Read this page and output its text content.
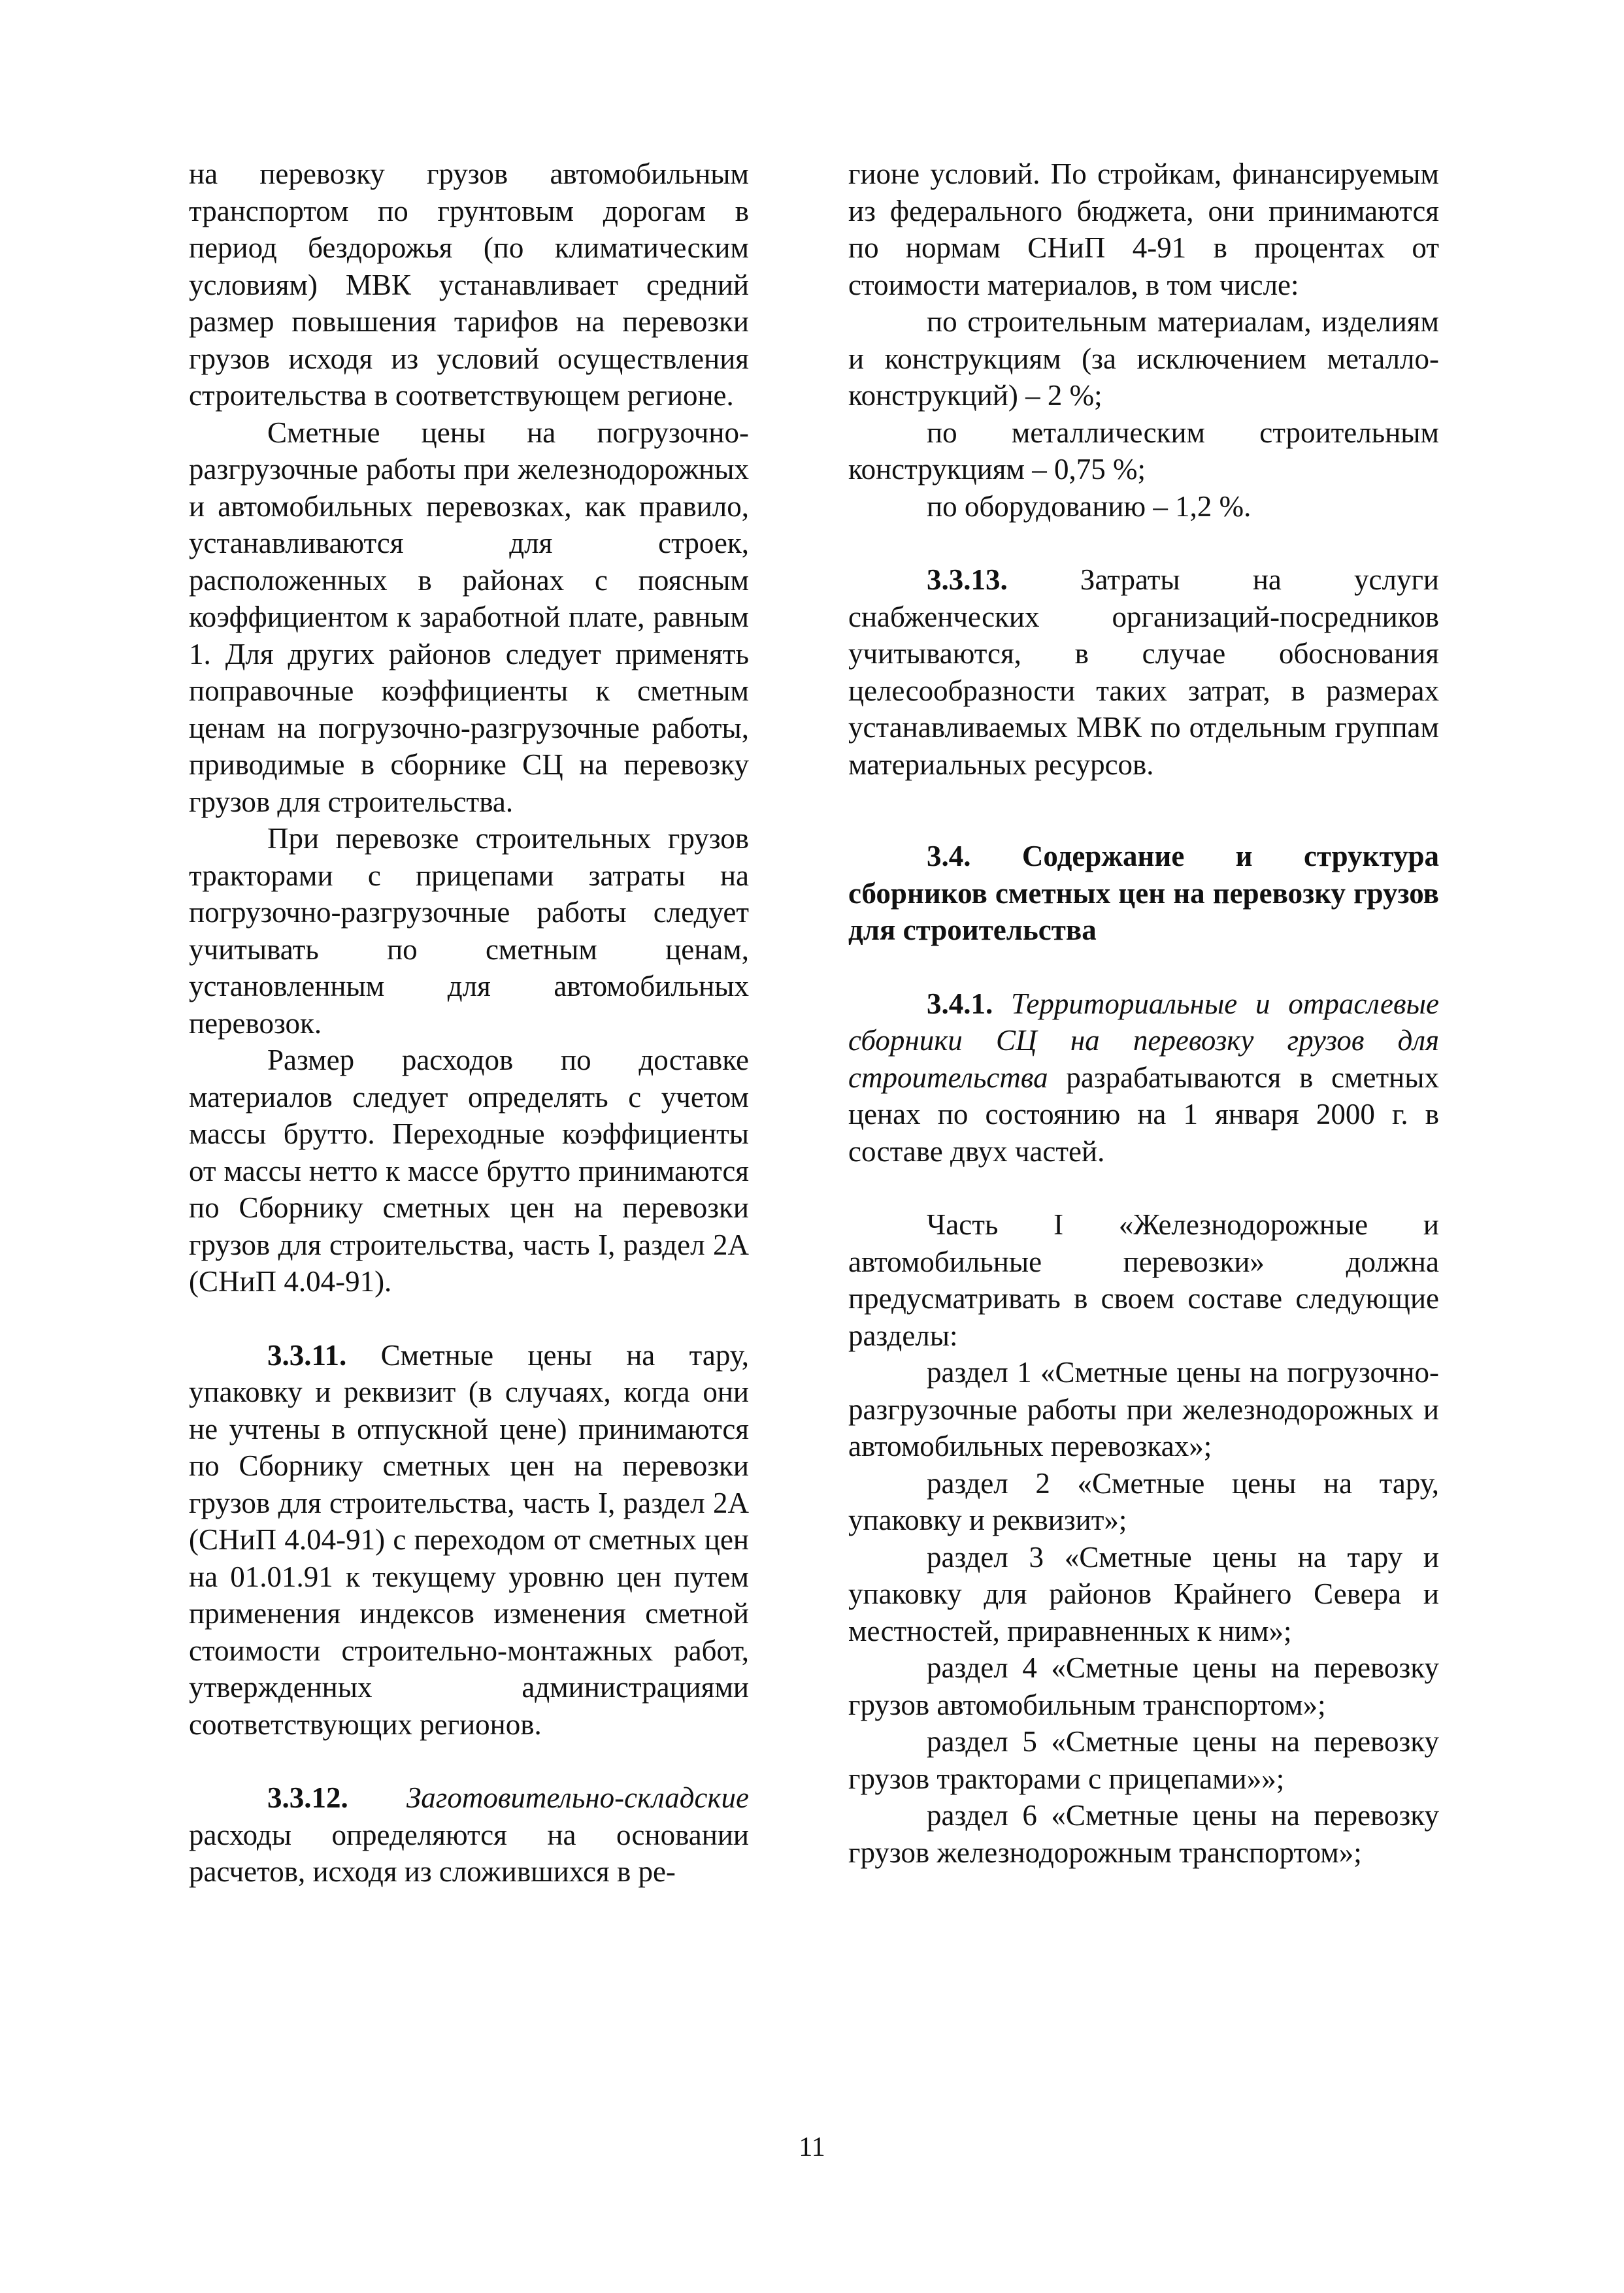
на перевозку грузов автомобильным транспортом по грунтовым дорогам в период бездорожья (по климатическим условиям) МВК устанавливает средний размер повышения тарифов на перевозки грузов исходя из условий осуществления строительства в соответствующем регионе.

Сметные цены на погрузочно-разгрузочные работы при железнодорожных и автомобильных перевозках, как правило, устанавливаются для строек, расположенных в районах с поясным коэффициентом к заработной плате, равным 1. Для других районов следует применять поправочные коэффициенты к сметным ценам на погрузочно-разгрузочные работы, приводимые в сборнике СЦ на перевозку грузов для строительства.

При перевозке строительных грузов тракторами с прицепами затраты на погрузочно-разгрузочные работы следует учитывать по сметным ценам, установленным для автомобильных перевозок.

Размер расходов по доставке материалов следует определять с учетом массы брутто. Переходные коэффициенты от массы нетто к массе брутто принимаются по Сборнику сметных цен на перевозки грузов для строительства, часть I, раздел 2А (СНиП 4.04-91).

3.3.11. Сметные цены на тару, упаковку и реквизит (в случаях, когда они не учтены в отпускной цене) принимаются по Сборнику сметных цен на перевозки грузов для строительства, часть I, раздел 2А (СНиП 4.04-91) с переходом от сметных цен на 01.01.91 к текущему уровню цен путем применения индексов изменения сметной стоимости строительно-монтажных работ, утвержденных администрациями соответствующих регионов.

3.3.12. Заготовительно-складские расходы определяются на основании расчетов, исходя из сложившихся в ре-

гионе условий. По стройкам, финансируемым из федерального бюджета, они принимаются по нормам СНиП 4-91 в процентах от стоимости материалов, в том числе:

по строительным материалам, изделиям и конструкциям (за исключением металло-конструкций) – 2 %;

по металлическим строительным конструкциям – 0,75 %;

по оборудованию – 1,2 %.

3.3.13. Затраты на услуги снабженческих организаций-посредников учитываются, в случае обоснования целесообразности таких затрат, в размерах устанавливаемых МВК по отдельным группам материальных ресурсов.

3.4. Содержание и структура сборников сметных цен на перевозку грузов для строительства

3.4.1. Территориальные и отраслевые сборники СЦ на перевозку грузов для строительства разрабатываются в сметных ценах по состоянию на 1 января 2000 г. в составе двух частей.

Часть I «Железнодорожные и автомобильные перевозки» должна предусматривать в своем составе следующие разделы:

раздел 1 «Сметные цены на погрузочно-разгрузочные работы при железнодорожных и автомобильных перевозках»;

раздел 2 «Сметные цены на тару, упаковку и реквизит»;

раздел 3 «Сметные цены на тару и упаковку для районов Крайнего Севера и местностей, приравненных к ним»;

раздел 4 «Сметные цены на перевозку грузов автомобильным транспортом»;

раздел 5 «Сметные цены на перевозку грузов тракторами с прицепами»»;

раздел 6 «Сметные цены на перевозку грузов железнодорожным транспортом»;

11
